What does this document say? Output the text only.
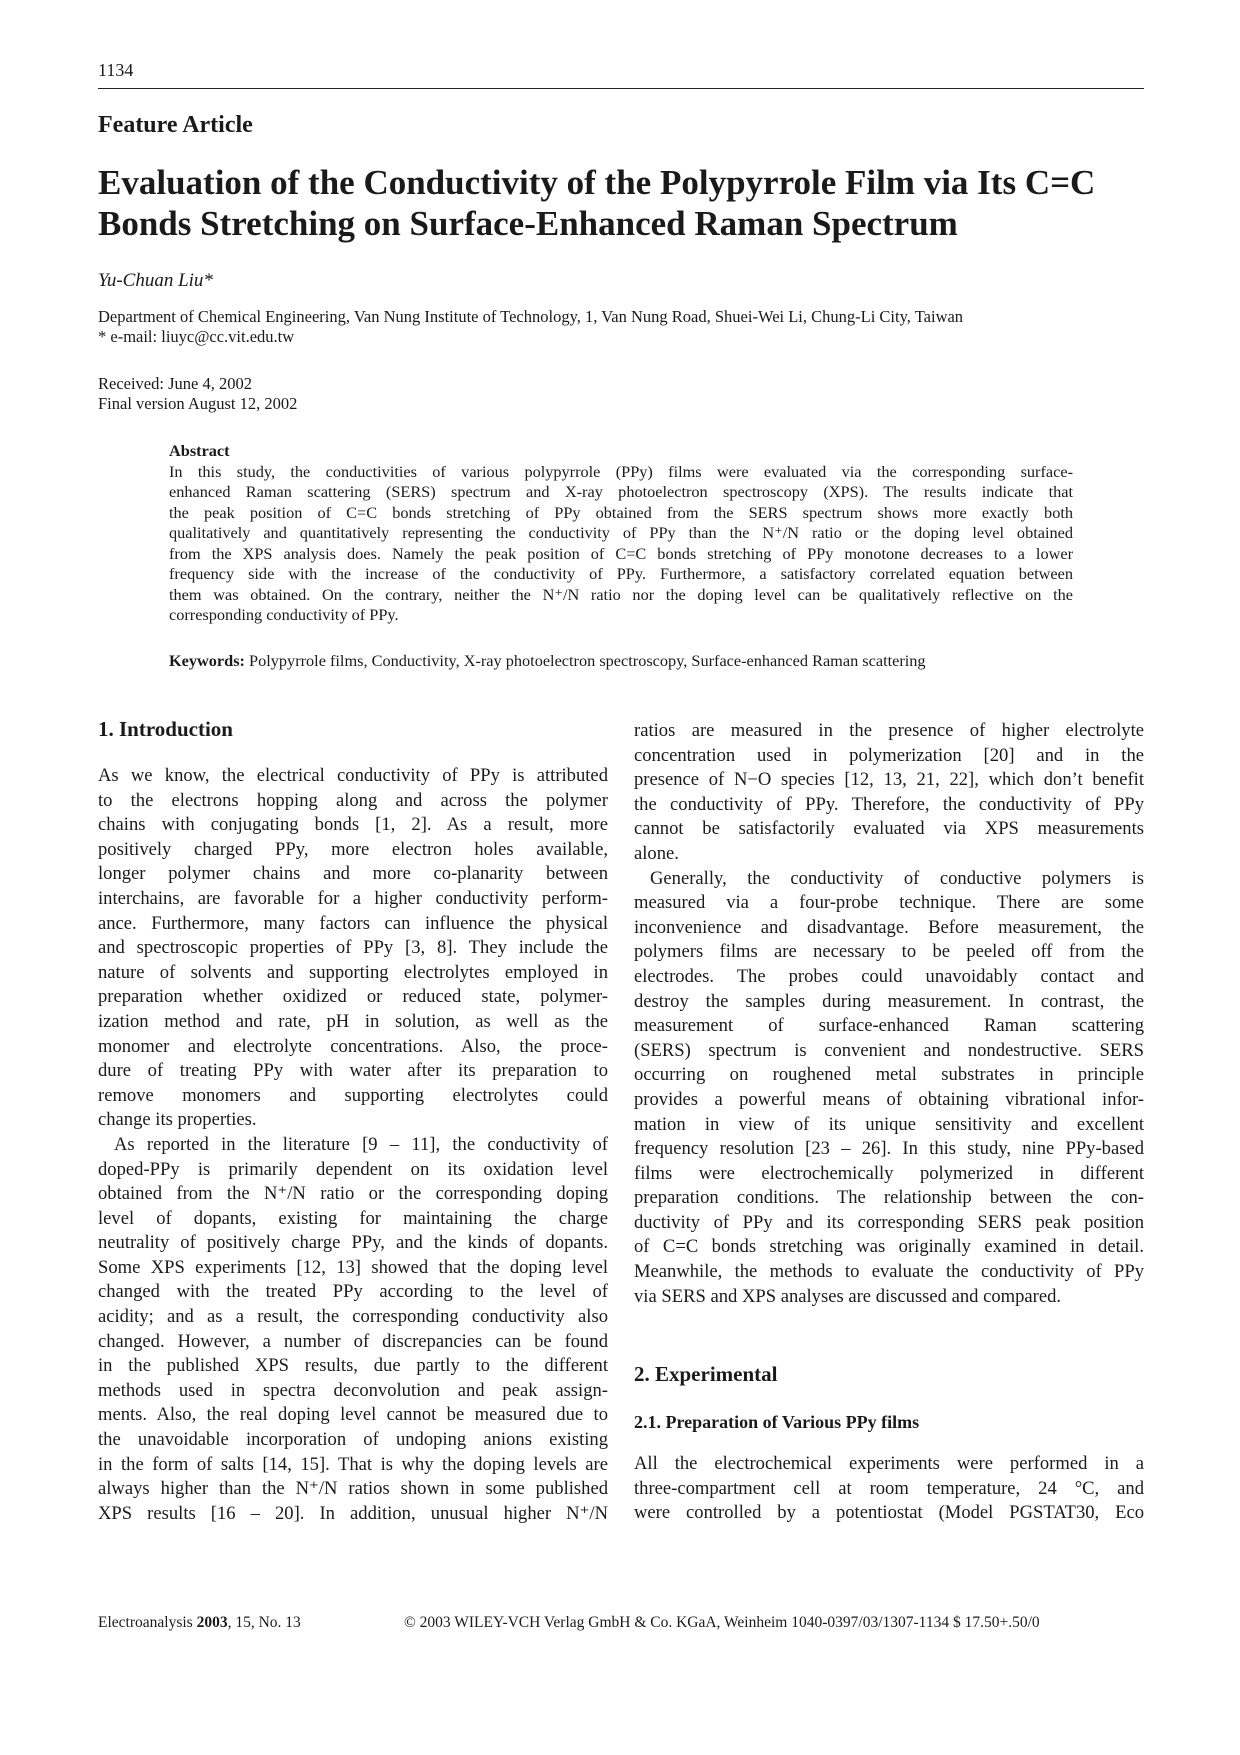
1134
Feature Article
Evaluation of the Conductivity of the Polypyrrole Film via Its C=C
Bonds Stretching on Surface-Enhanced Raman Spectrum
Yu-Chuan Liu*
Department of Chemical Engineering, Van Nung Institute of Technology, 1, Van Nung Road, Shuei-Wei Li, Chung-Li City, Taiwan
* e-mail: liuyc@cc.vit.edu.tw
Received: June 4, 2002
Final version August 12, 2002
Abstract
In this study, the conductivities of various polypyrrole (PPy) films were evaluated via the corresponding surface-
enhanced Raman scattering (SERS) spectrum and X-ray photoelectron spectroscopy (XPS). The results indicate that
the peak position of C=C bonds stretching of PPy obtained from the SERS spectrum shows more exactly both
qualitatively and quantitatively representing the conductivity of PPy than the N⁺/N ratio or the doping level obtained
from the XPS analysis does. Namely the peak position of C=C bonds stretching of PPy monotone decreases to a lower
frequency side with the increase of the conductivity of PPy. Furthermore, a satisfactory correlated equation between
them was obtained. On the contrary, neither the N⁺/N ratio nor the doping level can be qualitatively reflective on the
corresponding conductivity of PPy.
Keywords: Polypyrrole films, Conductivity, X-ray photoelectron spectroscopy, Surface-enhanced Raman scattering
1. Introduction
As we know, the electrical conductivity of PPy is attributed
to the electrons hopping along and across the polymer
chains with conjugating bonds [1, 2]. As a result, more
positively charged PPy, more electron holes available,
longer polymer chains and more co-planarity between
interchains, are favorable for a higher conductivity perform-
ance. Furthermore, many factors can influence the physical
and spectroscopic properties of PPy [3, 8]. They include the
nature of solvents and supporting electrolytes employed in
preparation whether oxidized or reduced state, polymer-
ization method and rate, pH in solution, as well as the
monomer and electrolyte concentrations. Also, the proce-
dure of treating PPy with water after its preparation to
remove monomers and supporting electrolytes could
change its properties.
As reported in the literature [9 – 11], the conductivity of
doped-PPy is primarily dependent on its oxidation level
obtained from the N⁺/N ratio or the corresponding doping
level of dopants, existing for maintaining the charge
neutrality of positively charge PPy, and the kinds of dopants.
Some XPS experiments [12, 13] showed that the doping level
changed with the treated PPy according to the level of
acidity; and as a result, the corresponding conductivity also
changed. However, a number of discrepancies can be found
in the published XPS results, due partly to the different
methods used in spectra deconvolution and peak assign-
ments. Also, the real doping level cannot be measured due to
the unavoidable incorporation of undoping anions existing
in the form of salts [14, 15]. That is why the doping levels are
always higher than the N⁺/N ratios shown in some published
XPS results [16 – 20]. In addition, unusual higher N⁺/N
ratios are measured in the presence of higher electrolyte
concentration used in polymerization [20] and in the
presence of N−O species [12, 13, 21, 22], which don’t benefit
the conductivity of PPy. Therefore, the conductivity of PPy
cannot be satisfactorily evaluated via XPS measurements
alone.
Generally, the conductivity of conductive polymers is
measured via a four-probe technique. There are some
inconvenience and disadvantage. Before measurement, the
polymers films are necessary to be peeled off from the
electrodes. The probes could unavoidably contact and
destroy the samples during measurement. In contrast, the
measurement of surface-enhanced Raman scattering
(SERS) spectrum is convenient and nondestructive. SERS
occurring on roughened metal substrates in principle
provides a powerful means of obtaining vibrational infor-
mation in view of its unique sensitivity and excellent
frequency resolution [23 – 26]. In this study, nine PPy-based
films were electrochemically polymerized in different
preparation conditions. The relationship between the con-
ductivity of PPy and its corresponding SERS peak position
of C=C bonds stretching was originally examined in detail.
Meanwhile, the methods to evaluate the conductivity of PPy
via SERS and XPS analyses are discussed and compared.
2. Experimental
2.1. Preparation of Various PPy films
All the electrochemical experiments were performed in a
three-compartment cell at room temperature, 24 °C, and
were controlled by a potentiostat (Model PGSTAT30, Eco
Electroanalysis 2003, 15, No. 13	© 2003 WILEY-VCH Verlag GmbH & Co. KGaA, Weinheim 1040-0397/03/1307-1134 $ 17.50+.50/0
